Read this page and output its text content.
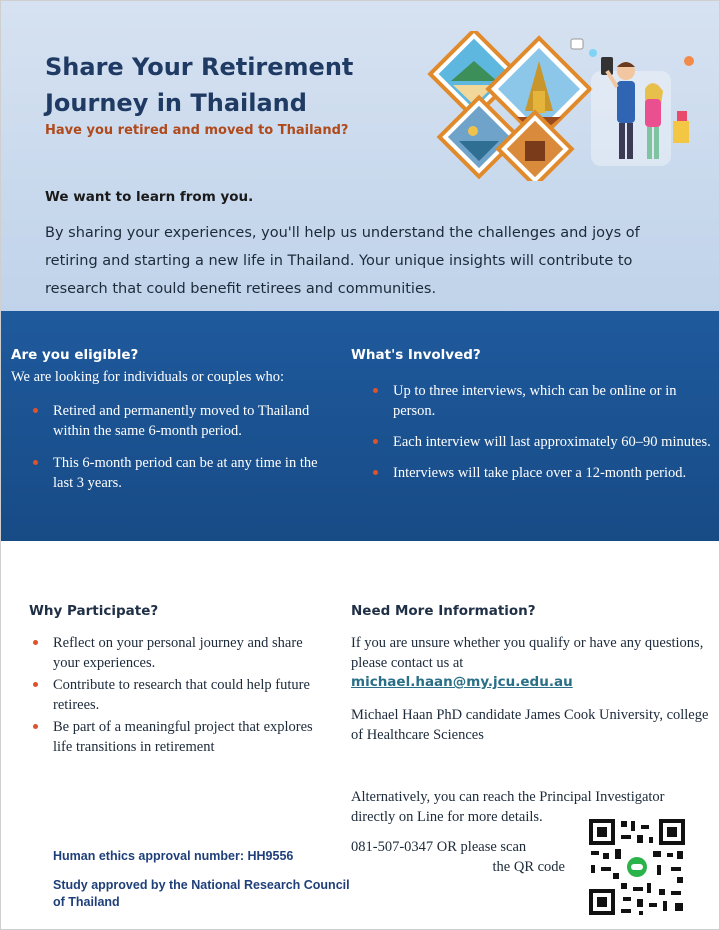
Share Your Retirement
Journey in Thailand

Have you retired and moved to Thailand?

We want to learn from you.

By sharing your experiences, you'll help us understand the challenges and joys of retiring and starting a new life in Thailand. Your unique insights will contribute to research that could benefit retirees and communities.

Are you eligible?

We are looking for individuals or couples who:

Retired and permanently moved to Thailand within the same 6-month period.
This 6-month period can be at any time in the last 3 years.
What's Involved?
Up to three interviews, which can be online or in person.
Each interview will last approximately 60–90 minutes.
Interviews will take place over a 12-month period.
Why Participate?
Reflect on your personal journey and share your experiences.
Contribute to research that could help future retirees.
Be part of a meaningful project that explores life transitions in retirement
Need More Information?

If you are unsure whether you qualify or have any questions, please contact us at

michael.haan@my.jcu.edu.au

Michael Haan PhD candidate James Cook University, college of Healthcare Sciences

Alternatively, you can reach the Principal Investigator directly on Line for more details.

081-507-0347 OR please scan
the QR code

Human ethics approval number: HH9556

Study approved by the National Research Council of Thailand
